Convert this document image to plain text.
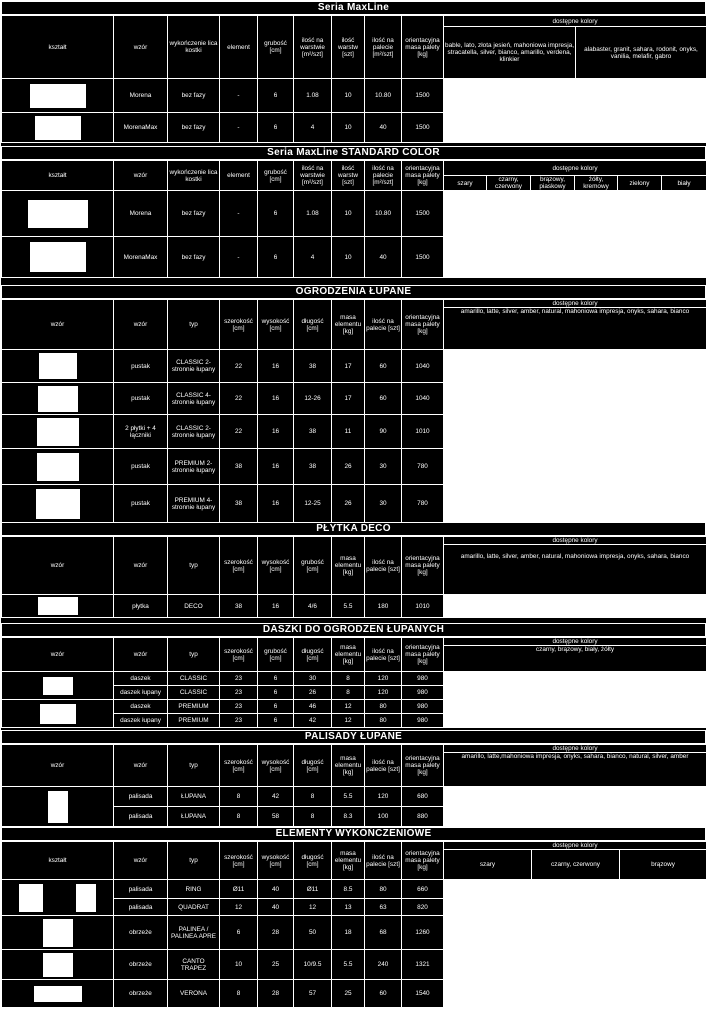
Seria MaxLine
kształt	wzór	wykończenie lica kostki	element	grubość [cm]	ilość na warstwie [m²/szt]	ilość warstw [szt]	ilość na palecie [m²/szt]	orientacyjna masa palety [kg]	dostępne kolory	
									bable, lato, złota jesień, mahoniowa impresja, stracatella, silver, bianco, amarillo, verdena, klinkier	alabaster, granit, sahara, rodonit, onyks, vanilia, melafir, gabro

	Morena	bez fazy	-	6	1.08	10	10.80	1500		

	MorenaMax	bez fazy	-	6	4	10	40	1500		
Seria MaxLine STANDARD COLOR
kształt	wzór	wykończenie lica kostki	element	grubość [cm]	ilość na warstwie [m²/szt]	ilość warstw [szt]	ilość na palecie [m²/szt]	orientacyjna masa palety [kg]	dostępne kolory					
									szary	czarny, czerwony	brązowy, piaskowy	żółty, kremowy	zielony	biały

	Morena	bez fazy	-	6	1.08	10	10.80	1500						

	MorenaMax	bez fazy	-	6	4	10	40	1500						
OGRODZENIA ŁUPANE
wzór	wzór	typ	szerokość [cm]	wysokość [cm]	długość [cm]	masa elementu [kg]	ilość na palecie [szt]	orientacyjna masa palety [kg]	dostępne kolory
amarillo, latte, silver, amber, natural, mahoniowa impresja, onyks, sahara, bianco

	pustak	CLASSIC 2-stronnie łupany	22	16	38	17	60	1040	

	pustak	CLASSIC 4-stronnie łupany	22	16	12-26	17	60	1040	

	2 płytki + 4 łączniki	CLASSIC 2-stronnie łupany	22	16	38	11	90	1010	

	pustak	PREMIUM 2-stronnie łupany	38	16	38	26	30	780	

	pustak	PREMIUM 4-stronnie łupany	38	16	12-25	26	30	780	
PŁYTKA DECO
wzór	wzór	typ	szerokość [cm]	wysokość [cm]	grubość [cm]	masa elementu [kg]	ilość na palecie [szt]	orientacyjna masa palety [kg]	dostępne kolory
amarillo, latte, silver, amber, natural, mahoniowa impresja, onyks, sahara, bianco

	płytka	DECO	38	16	4/6	5.5	180	1010	
DASZKI DO OGRODZEŃ ŁUPANYCH
wzór	wzór	typ	szerokość [cm]	grubość [cm]	długość [cm]	masa elementu [kg]	ilość na palecie [szt]	orientacyjna masa palety [kg]	dostępne kolory
czarny, brązowy, biały, żółty

	daszek	CLASSIC	23	6	30	8	120	980	
	daszek łupany	CLASSIC	23	6	26	8	120	980	

	daszek	PREMIUM	23	6	46	12	80	980	
	daszek łupany	PREMIUM	23	6	42	12	80	980	
PALISADY ŁUPANE
wzór	wzór	typ	szerokość [cm]	wysokość [cm]	długość [cm]	masa elementu [kg]	ilość na palecie [szt]	orientacyjna masa palety [kg]	dostępne kolory
amarillo, latte,mahoniowa impresja, onyks, sahara, bianco, natural, silver, amber

	palisada	ŁUPANA	8	42	8	5.5	120	680	
	palisada	ŁUPANA	8	58	8	8.3	100	880	
ELEMENTY WYKOŃCZENIOWE
kształt	wzór	typ	szerokość [cm]	wysokość [cm]	długość [cm]	masa elementu [kg]	ilość na palecie [szt]	orientacyjna masa palety [kg]	dostępne kolory		
									szary	czarny, czerwony	brązowy

	palisada	RING	Ø11	40	Ø11	8.5	80	660			
	palisada	QUADRAT	12	40	12	13	63	820			

	obrzeże	PALINEA / PALINEA APRE	6	28	50	18	68	1260			

	obrzeże	CANTO TRAPEZ	10	25	10/9.5	5.5	240	1321			

	obrzeże	VERONA	8	28	57	25	60	1540			
